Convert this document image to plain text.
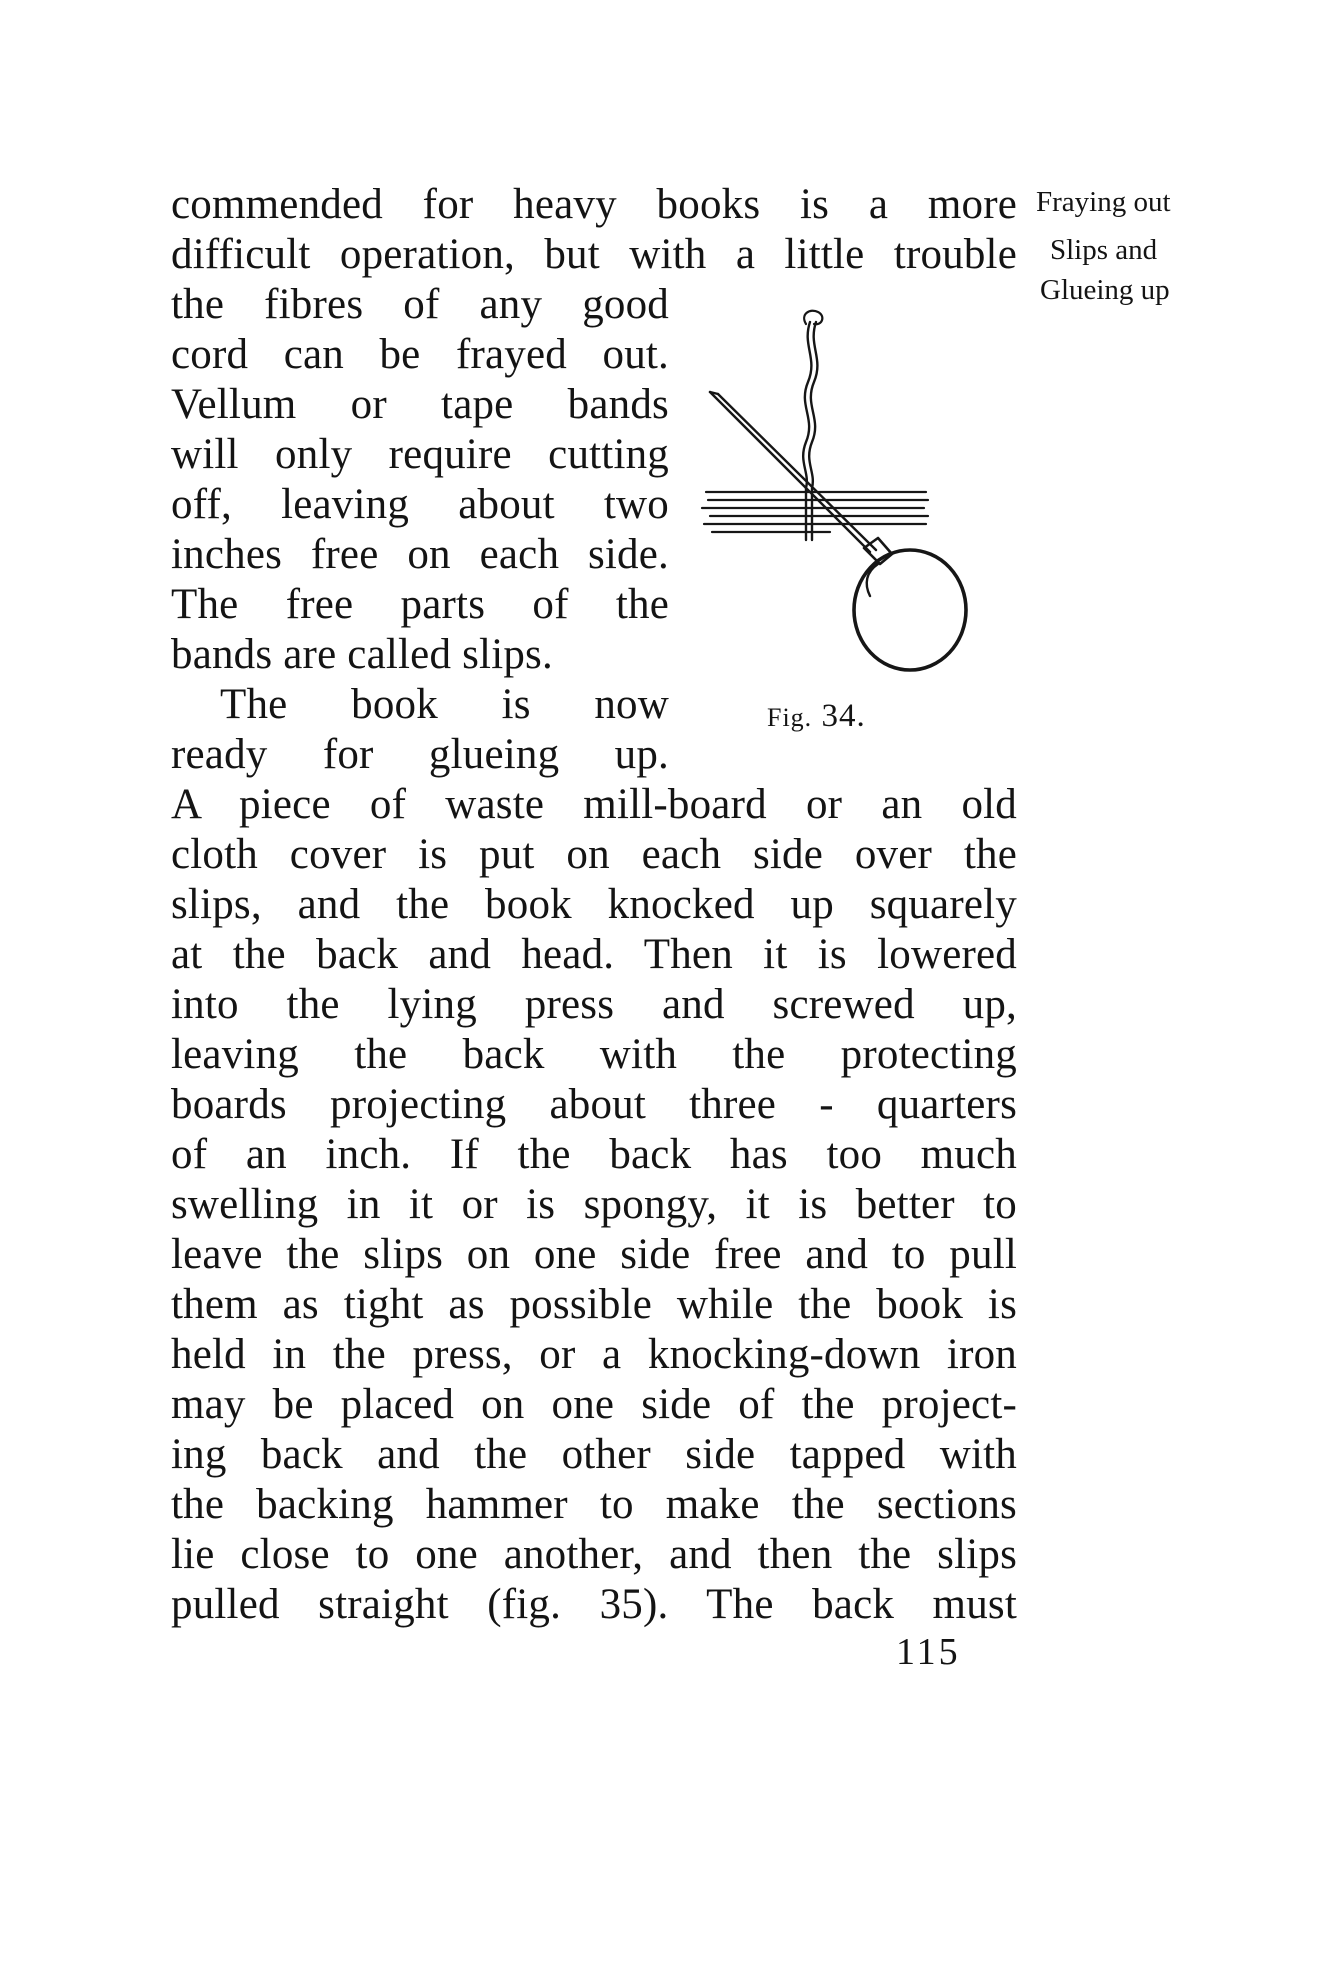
Fraying out
Slips and
Glueing up
commended for heavy books is a more
difficult operation, but with a little trouble
the fibres of any good
cord can be frayed out.
Vellum or tape bands
will only require cutting
off, leaving about two
inches free on each side.
The free parts of the
bands are called slips.
The book is now
ready for glueing up.
A piece of waste mill-board or an old
cloth cover is put on each side over the
slips, and the book knocked up squarely
at the back and head. Then it is lowered
into the lying press and screwed up,
leaving the back with the protecting
boards projecting about three - quarters
of an inch. If the back has too much
swelling in it or is spongy, it is better to
leave the slips on one side free and to pull
them as tight as possible while the book is
held in the press, or a knocking-down iron
may be placed on one side of the project-
ing back and the other side tapped with
the backing hammer to make the sections
lie close to one another, and then the slips
pulled straight (fig. 35). The back must
Fig. 34.
115
